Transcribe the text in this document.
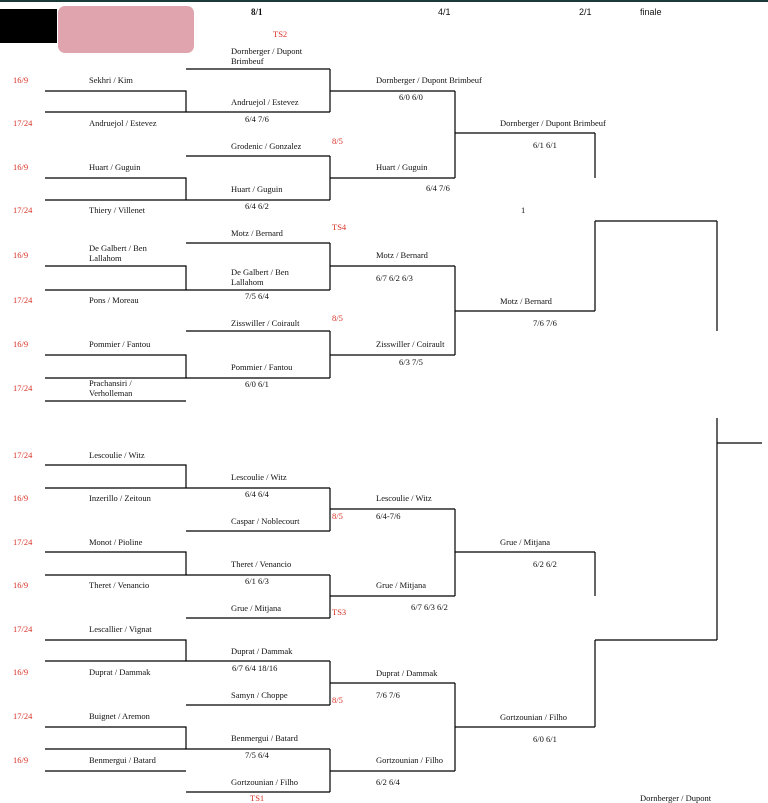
8/1	4/1	2/1	finale
16/9
17/24
16/9
17/24
16/9
17/24
16/9
17/24
17/24
16/9
17/24
16/9
17/24
16/9
17/24
16/9
Sekhri / Kim
Andruejol / Estevez
Huart / Guguin
Thiery / Villenet
De Galbert / Ben Lallahom
Pons / Moreau
Pommier / Fantou
Prachansiri / Verholleman
Lescoulie / Witz
Inzerillo / Zeitoun
Monot / Pioline
Theret / Venancio
Lescallier / Vignat
Duprat / Dammak
Buignet / Aremon
Benmergui / Batard
TS2
8/5
TS4
8/5
8/5
TS3
8/5
TS1
Dornberger / Dupont Brimbeuf
Grodenic / Gonzalez
Motz / Bernard
Zisswiller / Coirault
Caspar / Noblecourt
Grue / Mitjana
Samyn / Choppe
Gortzounian / Filho
Andruejol / Estevez
Huart / Guguin
De Galbert / Ben Lallahom
Pommier / Fantou
Lescoulie / Witz
Theret / Venancio
Duprat / Dammak
Benmergui / Batard
6/4 7/6
6/4 6/2
7/5 6/4
6/0 6/1
6/4 6/4
6/1 6/3
6/7 6/4 18/16
7/5 6/4
Dornberger / Dupont Brimbeuf
Huart / Guguin
Motz / Bernard
Zisswiller / Coirault
Lescoulie / Witz
Grue / Mitjana
Duprat / Dammak
Gortzounian / Filho
6/0 6/0
6/4 7/6
6/7 6/2 6/3
6/3 7/5
6/4-7/6
6/7 6/3 6/2
7/6 7/6
6/2 6/4
Dornberger / Dupont Brimbeuf
Motz / Bernard
Grue / Mitjana
Gortzounian / Filho
6/1 6/1
7/6 7/6
6/2 6/2
6/0 6/1
1
Dornberger / Dupont
